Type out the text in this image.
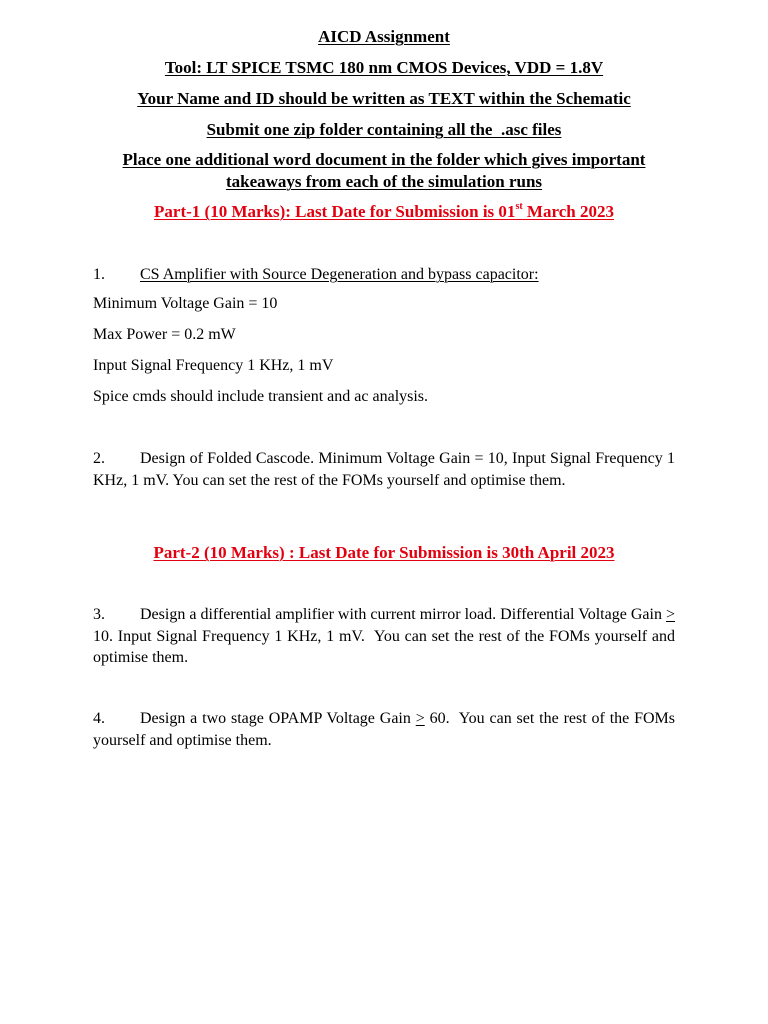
AICD Assignment
Tool: LT SPICE TSMC 180 nm CMOS Devices, VDD = 1.8V
Your Name and ID should be written as TEXT within the Schematic
Submit one zip folder containing all the  .asc files
Place one additional word document in the folder which gives important takeaways from each of the simulation runs
Part-1 (10 Marks): Last Date for Submission is 01st March 2023
1. CS Amplifier with Source Degeneration and bypass capacitor:
Minimum Voltage Gain = 10
Max Power = 0.2 mW
Input Signal Frequency 1 KHz, 1 mV
Spice cmds should include transient and ac analysis.
2. Design of Folded Cascode. Minimum Voltage Gain = 10, Input Signal Frequency 1 KHz, 1 mV. You can set the rest of the FOMs yourself and optimise them.
Part-2 (10 Marks) : Last Date for Submission is 30th April 2023
3. Design a differential amplifier with current mirror load. Differential Voltage Gain > 10. Input Signal Frequency 1 KHz, 1 mV.  You can set the rest of the FOMs yourself and optimise them.
4. Design a two stage OPAMP Voltage Gain > 60.  You can set the rest of the FOMs yourself and optimise them.
